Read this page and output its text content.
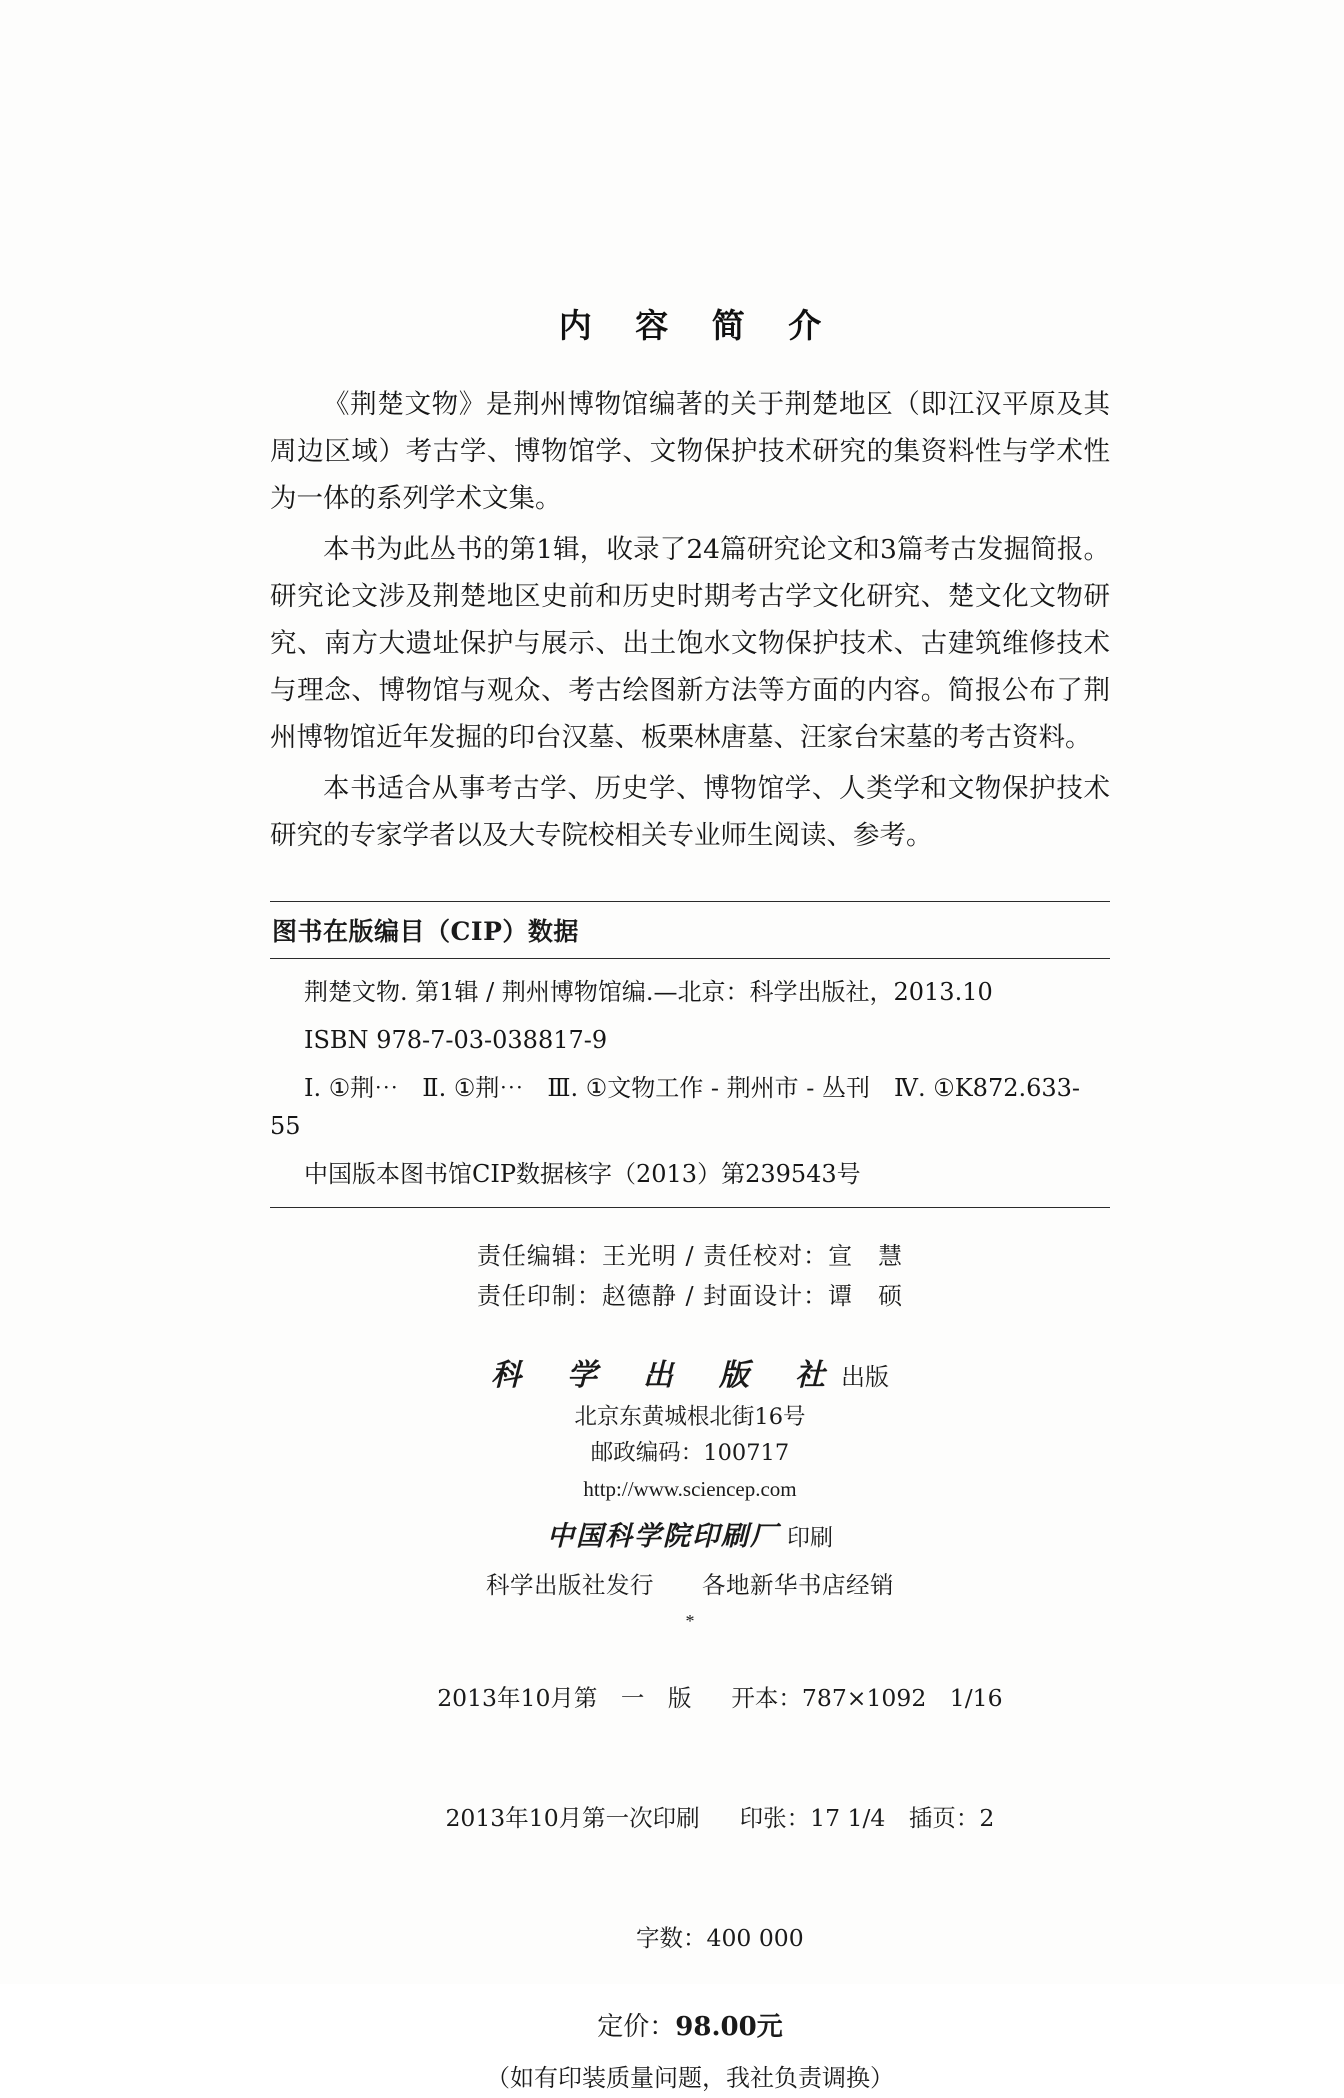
内 容 简 介

《荆楚文物》是荆州博物馆编著的关于荆楚地区（即江汉平原及其周边区域）考古学、博物馆学、文物保护技术研究的集资料性与学术性为一体的系列学术文集。

本书为此丛书的第1辑，收录了24篇研究论文和3篇考古发掘简报。研究论文涉及荆楚地区史前和历史时期考古学文化研究、楚文化文物研究、南方大遗址保护与展示、出土饱水文物保护技术、古建筑维修技术与理念、博物馆与观众、考古绘图新方法等方面的内容。简报公布了荆州博物馆近年发掘的印台汉墓、板栗林唐墓、汪家台宋墓的考古资料。

本书适合从事考古学、历史学、博物馆学、人类学和文物保护技术研究的专家学者以及大专院校相关专业师生阅读、参考。

图书在版编目（CIP）数据

荆楚文物. 第1辑 / 荆州博物馆编.—北京：科学出版社，2013.10

ISBN 978-7-03-038817-9

Ⅰ. ①荆⋯　Ⅱ. ①荆⋯　Ⅲ. ①文物工作 - 荆州市 - 丛刊　Ⅳ. ①K872.633-55

中国版本图书馆CIP数据核字（2013）第239543号

责任编辑：王光明 / 责任校对：宣　慧
责任印制：赵德静 / 封面设计：谭　硕
科　学　出　版　社 出版
北京东黄城根北街16号
邮政编码：100717
http://www.sciencep.com
中国科学院印刷厂 印刷
科学出版社发行　　各地新华书店经销
*

2013年10月第　一　版 开本：787×1092　1/16

2013年10月第一次印刷 印张：17 1/4　插页：2

字数：400 000

定价：98.00元
（如有印装质量问题，我社负责调换）
